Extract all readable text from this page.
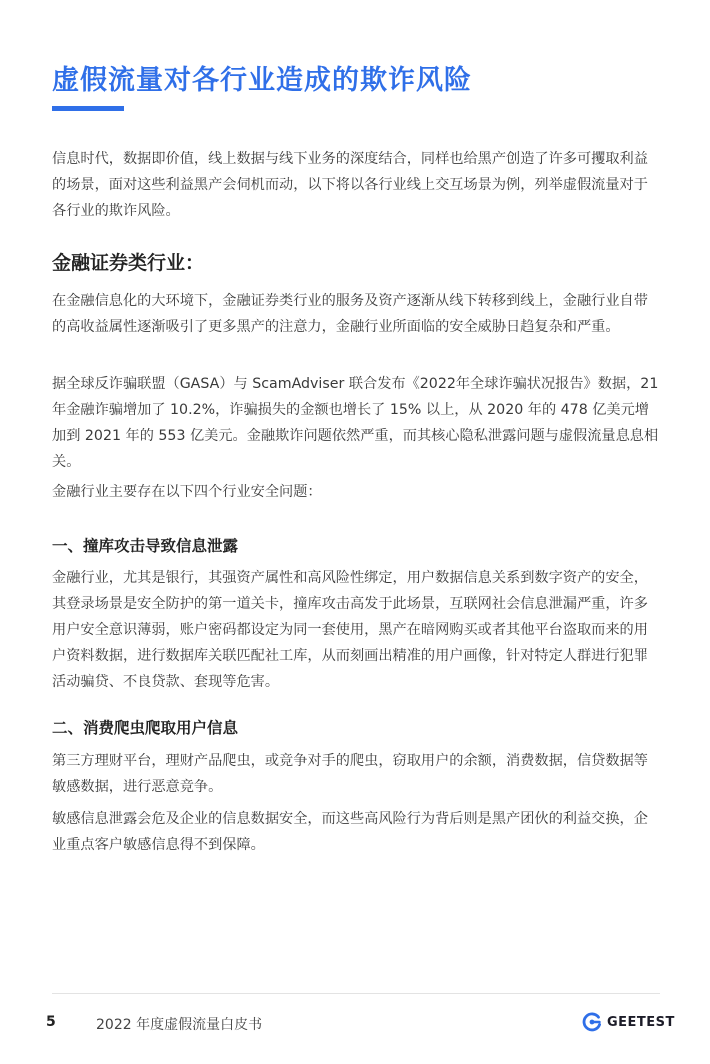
虚假流量对各行业造成的欺诈风险

信息时代，数据即价值，线上数据与线下业务的深度结合，同样也给黑产创造了许多可攫取利益的场景，面对这些利益黑产会伺机而动，以下将以各行业线上交互场景为例，列举虚假流量对于各行业的欺诈风险。

金融证券类行业：

在金融信息化的大环境下，金融证券类行业的服务及资产逐渐从线下转移到线上，金融行业自带的高收益属性逐渐吸引了更多黑产的注意力，金融行业所面临的安全威胁日趋复杂和严重。

据全球反诈骗联盟（GASA）与 ScamAdviser 联合发布《2022年全球诈骗状况报告》数据，21 年金融诈骗增加了 10.2%，诈骗损失的金额也增长了 15% 以上，从 2020 年的 478 亿美元增加到 2021 年的 553 亿美元。金融欺诈问题依然严重，而其核心隐私泄露问题与虚假流量息息相关。

金融行业主要存在以下四个行业安全问题：

一、撞库攻击导致信息泄露

金融行业，尤其是银行，其强资产属性和高风险性绑定，用户数据信息关系到数字资产的安全，其登录场景是安全防护的第一道关卡，撞库攻击高发于此场景，互联网社会信息泄漏严重，许多用户安全意识薄弱，账户密码都设定为同一套使用，黑产在暗网购买或者其他平台盗取而来的用户资料数据，进行数据库关联匹配社工库，从而刻画出精准的用户画像，针对特定人群进行犯罪活动骗贷、不良贷款、套现等危害。

二、消费爬虫爬取用户信息

第三方理财平台，理财产品爬虫，或竞争对手的爬虫，窃取用户的余额，消费数据，信贷数据等敏感数据，进行恶意竞争。

敏感信息泄露会危及企业的信息数据安全，而这些高风险行为背后则是黑产团伙的利益交换，企业重点客户敏感信息得不到保障。

5	2022 年度虚假流量白皮书	GEETEST
